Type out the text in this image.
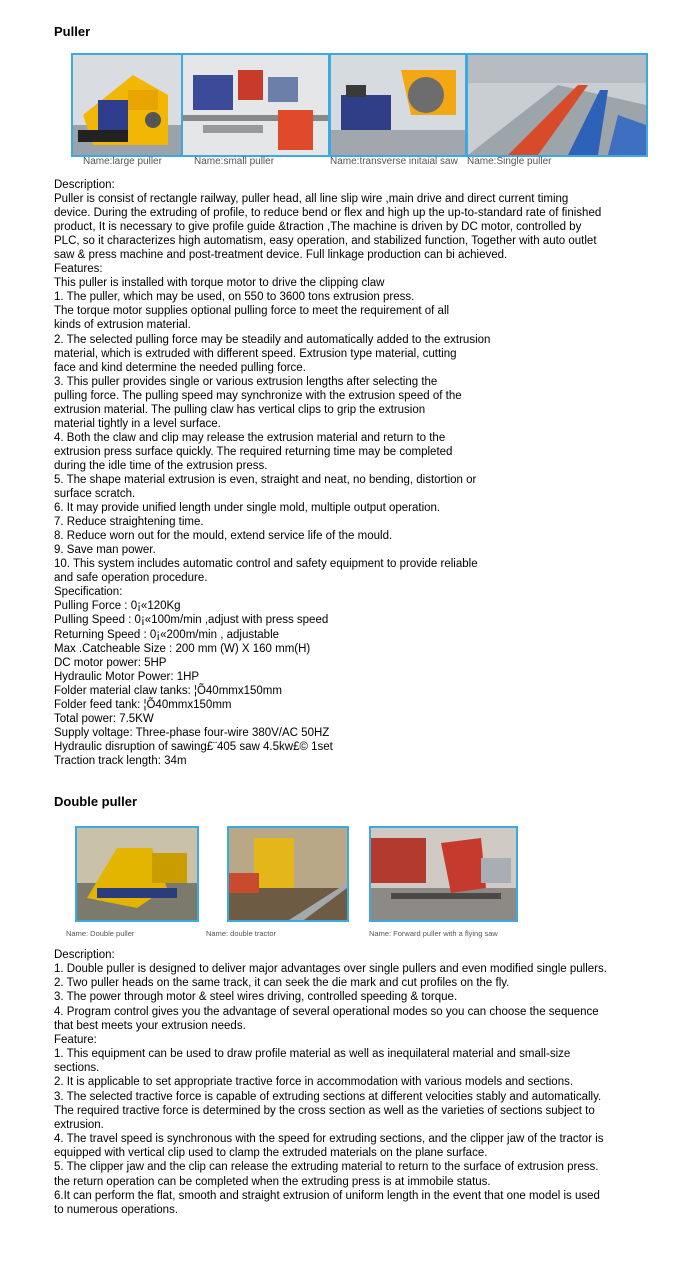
Puller
Name:large puller	Name:small puller	Name:transverse initaial saw Name:Single puller
Description:
Puller is consist of rectangle railway, puller head, all line slip wire ,main drive and direct current timing
device. During the extruding of profile, to reduce bend or flex and high up the up-to-standard rate of finished
product, It is necessary to give profile guide &traction ,The machine is driven by DC motor, controlled by
PLC, so it characterizes high automatism, easy operation, and stabilized function, Together with auto outlet
saw & press machine and post-treatment device. Full linkage production can bi achieved.
Features:
This puller is installed with torque motor to drive the clipping claw
1. The puller, which may be used, on 550 to 3600 tons extrusion press.
The torque motor supplies optional pulling force to meet the requirement of all
kinds of extrusion material.
2. The selected pulling force may be steadily and automatically added to the extrusion
material, which is extruded with different speed. Extrusion type material, cutting
face and kind determine the needed pulling force.
3. This puller provides single or various extrusion lengths after selecting the
pulling force. The pulling speed may synchronize with the extrusion speed of the
extrusion material. The pulling claw has vertical clips to grip the extrusion
material tightly in a level surface.
4. Both the claw and clip may release the extrusion material and return to the
extrusion press surface quickly. The required returning time may be completed
during the idle time of the extrusion press.
5. The shape material extrusion is even, straight and neat, no bending, distortion or
surface scratch.
6. It may provide unified length under single mold, multiple output operation.
7. Reduce straightening time.
8. Reduce worn out for the mould, extend service life of the mould.
9. Save man power.
10. This system includes automatic control and safety equipment to provide reliable
and safe operation procedure.
Specification:
Pulling Force : 0¡«120Kg
Pulling Speed : 0¡«100m/min ,adjust with press speed
Returning Speed : 0¡«200m/min , adjustable
Max .Catcheable Size : 200 mm (W) X 160 mm(H)
DC motor power: 5HP
Hydraulic Motor Power: 1HP
Folder material claw tanks: ¦Õ40mmx150mm
Folder feed tank: ¦Õ40mmx150mm
Total power: 7.5KW
Supply voltage: Three-phase four-wire 380V/AC 50HZ
Hydraulic disruption of sawing£¨405 saw 4.5kw£© 1set
Traction track length: 34m
Double puller
Name: Double puller	Name: double tractor	Name: Forward puller with a flying saw
Description:
1. Double puller is designed to deliver major advantages over single pullers and even modified single pullers.
2. Two puller heads on the same track, it can seek the die mark and cut profiles on the fly.
3. The power through motor & steel wires driving, controlled speeding & torque.
4. Program control gives you the advantage of several operational modes so you can choose the sequence
that best meets your extrusion needs.
Feature:
1. This equipment can be used to draw profile material as well as inequilateral material and small-size
sections.
2. It is applicable to set appropriate tractive force in accommodation with various models and sections.
3. The selected tractive force is capable of extruding sections at different velocities stably and automatically.
The required tractive force is determined by the cross section as well as the varieties of sections subject to
extrusion.
4. The travel speed is synchronous with the speed for extruding sections, and the clipper jaw of the tractor is
equipped with vertical clip used to clamp the extruded materials on the plane surface.
5. The clipper jaw and the clip can release the extruding material to return to the surface of extrusion press.
the return operation can be completed when the extruding press is at immobile status.
6.It can perform the flat, smooth and straight extrusion of uniform length in the event that one model is used
to numerous operations.
